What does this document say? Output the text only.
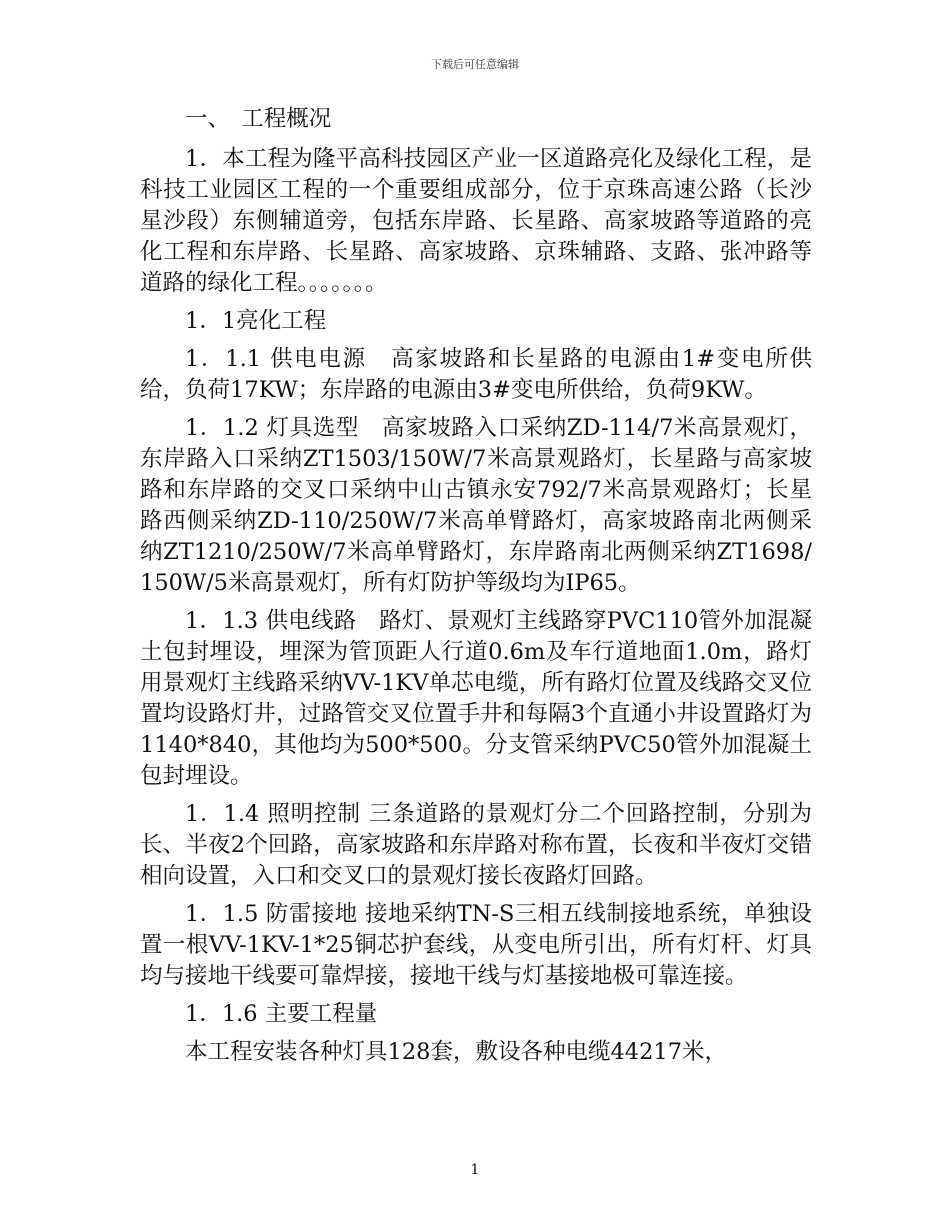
下载后可任意编辑

一、　工程概况

1．本工程为隆平高科技园区产业一区道路亮化及绿化工程，是科技工业园区工程的一个重要组成部分，位于京珠高速公路（长沙星沙段）东侧辅道旁，包括东岸路、长星路、高家坡路等道路的亮化工程和东岸路、长星路、高家坡路、京珠辅路、支路、张冲路等道路的绿化工程。。。。。。。

1．1亮化工程

1．1.1 供电电源　高家坡路和长星路的电源由1#变电所供给，负荷17KW；东岸路的电源由3#变电所供给，负荷9KW。

1．1.2 灯具选型　高家坡路入口采纳ZD-114/7米高景观灯，东岸路入口采纳ZT1503/150W/7米高景观路灯，长星路与高家坡路和东岸路的交叉口采纳中山古镇永安792/7米高景观路灯；长星路西侧采纳ZD-110/250W/7米高单臂路灯，高家坡路南北两侧采纳ZT1210/250W/7米高单臂路灯，东岸路南北两侧采纳ZT1698/150W/5米高景观灯，所有灯防护等级均为IP65。

1．1.3 供电线路　路灯、景观灯主线路穿PVC110管外加混凝土包封埋设，埋深为管顶距人行道0.6m及车行道地面1.0m，路灯用景观灯主线路采纳VV-1KV单芯电缆，所有路灯位置及线路交叉位置均设路灯井，过路管交叉位置手井和每隔3个直通小井设置路灯为1140*840，其他均为500*500。分支管采纳PVC50管外加混凝土包封埋设。

1．1.4 照明控制 三条道路的景观灯分二个回路控制，分别为长、半夜2个回路，高家坡路和东岸路对称布置，长夜和半夜灯交错相向设置，入口和交叉口的景观灯接长夜路灯回路。

1．1.5 防雷接地 接地采纳TN-S三相五线制接地系统，单独设置一根VV-1KV-1*25铜芯护套线，从变电所引出，所有灯杆、灯具均与接地干线要可靠焊接，接地干线与灯基接地极可靠连接。

1．1.6 主要工程量

本工程安装各种灯具128套，敷设各种电缆44217米，

1
